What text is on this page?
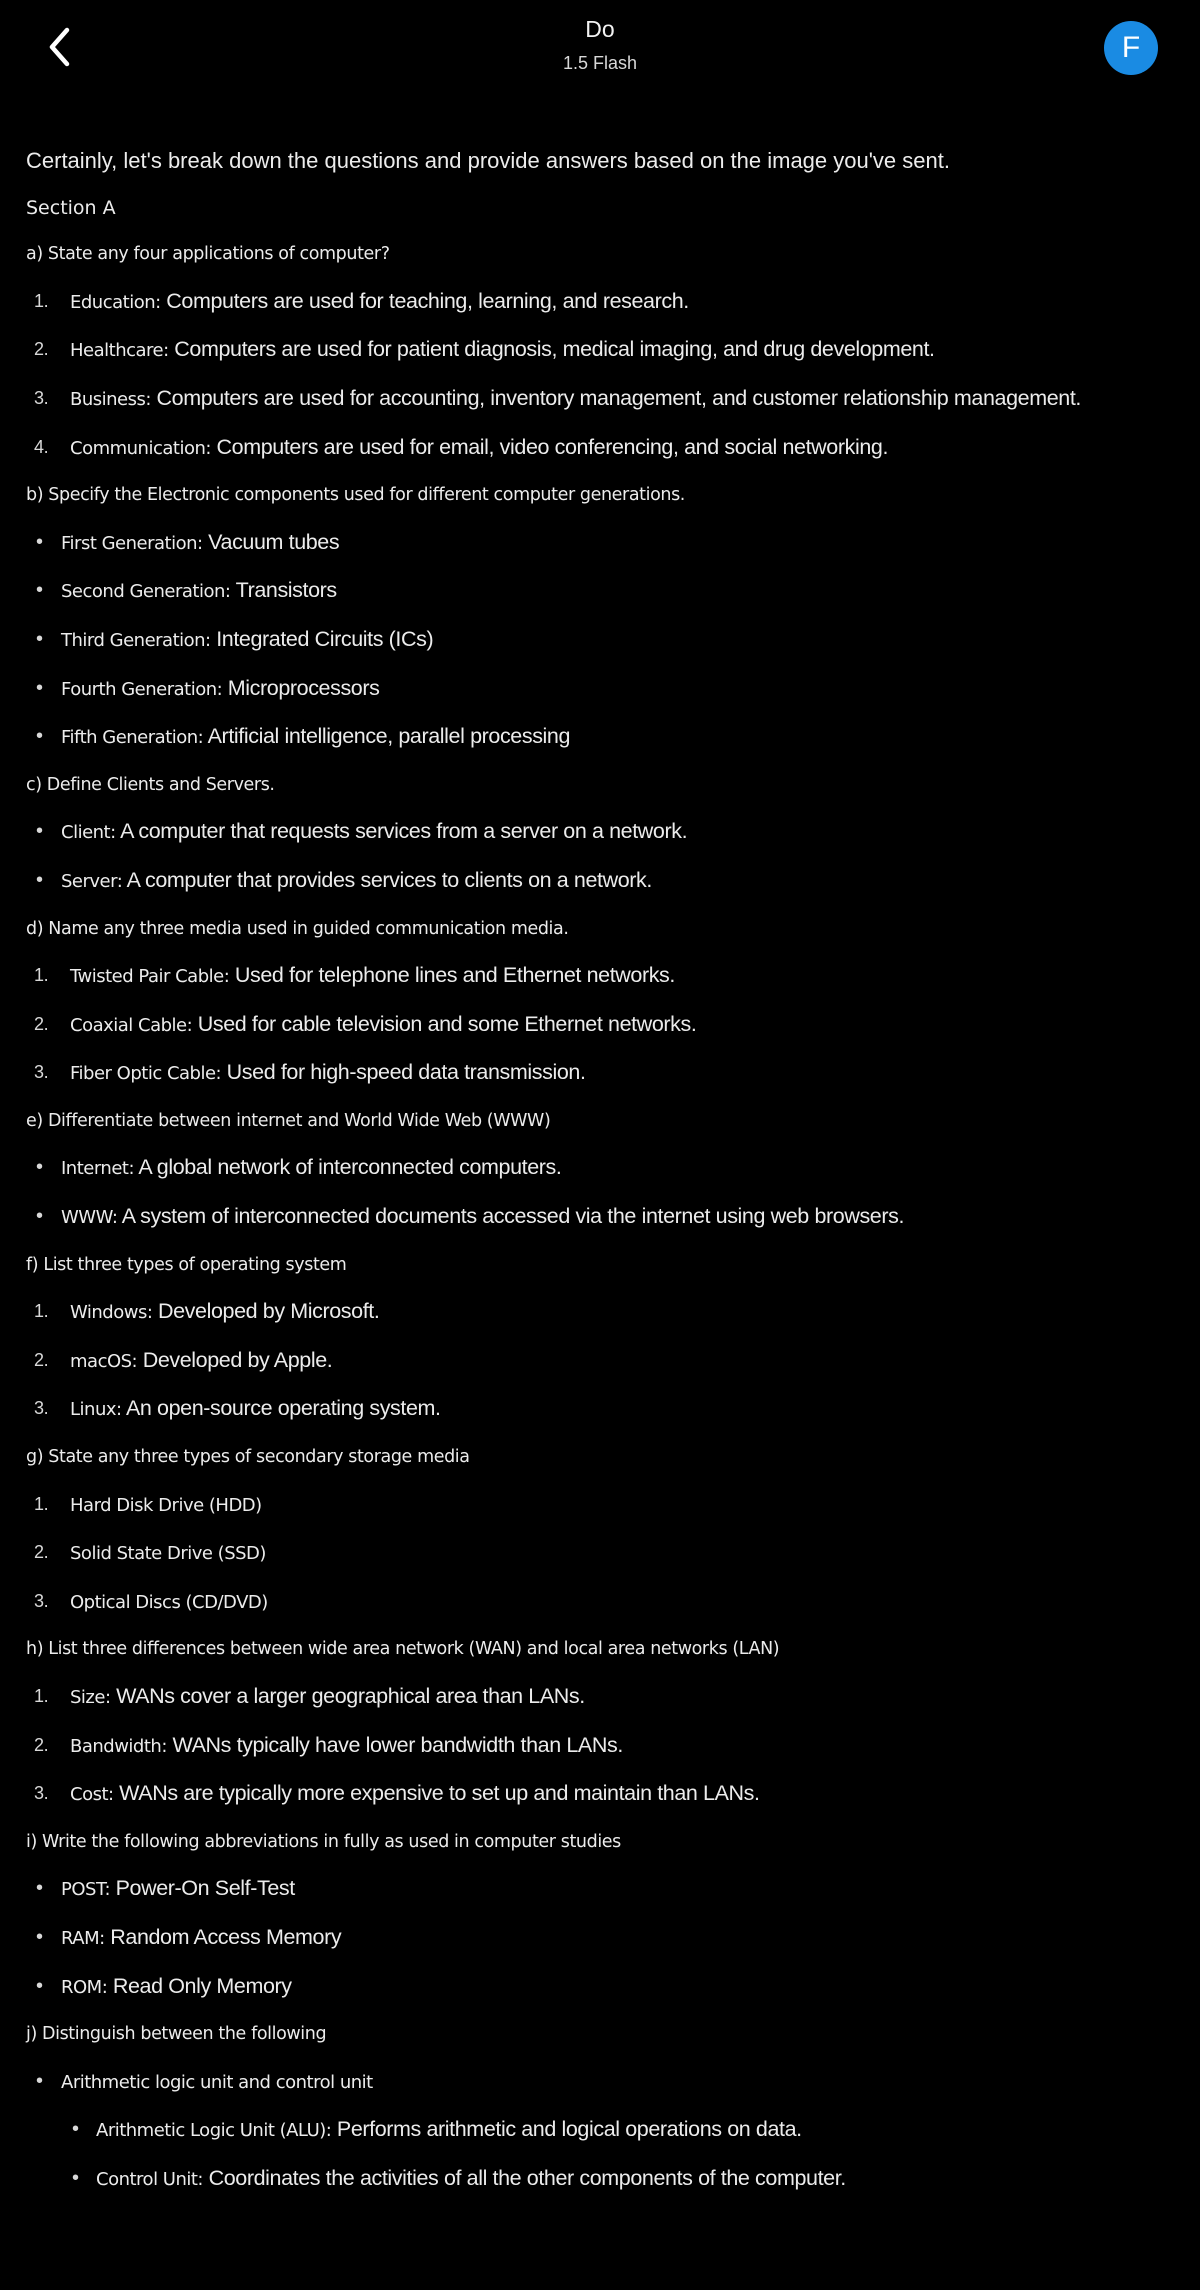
Do
1.5 Flash	F

Certainly, let's break down the questions and provide answers based on the image you've sent.

Section A

a) State any four applications of computer?

1. Education: Computers are used for teaching, learning, and research.
2. Healthcare: Computers are used for patient diagnosis, medical imaging, and drug development.
3. Business: Computers are used for accounting, inventory management, and customer relationship management.
4. Communication: Computers are used for email, video conferencing, and social networking.

b) Specify the Electronic components used for different computer generations.

• First Generation: Vacuum tubes
• Second Generation: Transistors
• Third Generation: Integrated Circuits (ICs)
• Fourth Generation: Microprocessors
• Fifth Generation: Artificial intelligence, parallel processing

c) Define Clients and Servers.

• Client: A computer that requests services from a server on a network.
• Server: A computer that provides services to clients on a network.

d) Name any three media used in guided communication media.

1. Twisted Pair Cable: Used for telephone lines and Ethernet networks.
2. Coaxial Cable: Used for cable television and some Ethernet networks.
3. Fiber Optic Cable: Used for high-speed data transmission.

e) Differentiate between internet and World Wide Web (WWW)

• Internet: A global network of interconnected computers.
• WWW: A system of interconnected documents accessed via the internet using web browsers.

f) List three types of operating system

1. Windows: Developed by Microsoft.
2. macOS: Developed by Apple.
3. Linux: An open-source operating system.

g) State any three types of secondary storage media

1. Hard Disk Drive (HDD)
2. Solid State Drive (SSD)
3. Optical Discs (CD/DVD)

h) List three differences between wide area network (WAN) and local area networks (LAN)

1. Size: WANs cover a larger geographical area than LANs.
2. Bandwidth: WANs typically have lower bandwidth than LANs.
3. Cost: WANs are typically more expensive to set up and maintain than LANs.

i) Write the following abbreviations in fully as used in computer studies

• POST: Power-On Self-Test
• RAM: Random Access Memory
• ROM: Read Only Memory

j) Distinguish between the following

• Arithmetic logic unit and control unit
• Arithmetic Logic Unit (ALU): Performs arithmetic and logical operations on data.
• Control Unit: Coordinates the activities of all the other components of the computer.
